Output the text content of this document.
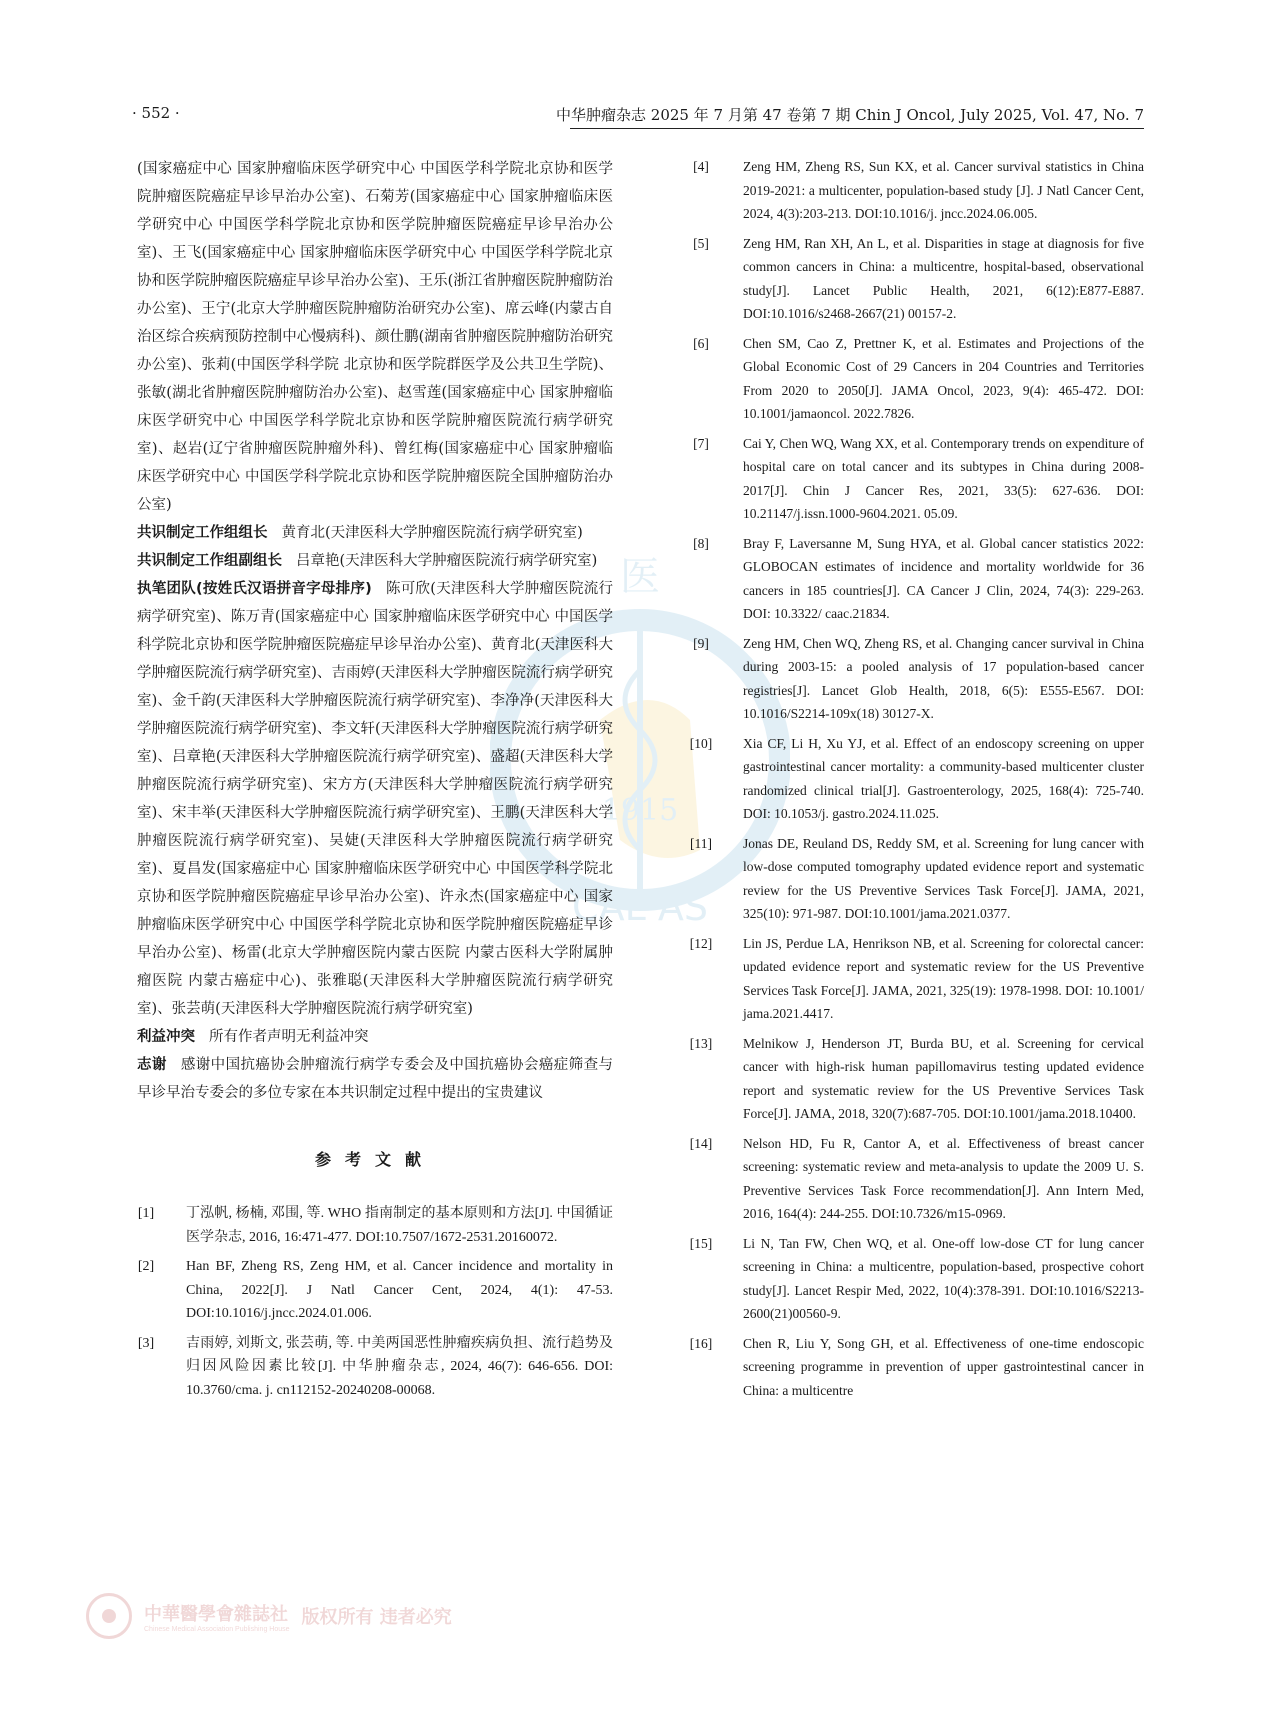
· 552 ·	中华肿瘤杂志 2025 年 7 月第 47 卷第 7 期 Chin J Oncol, July 2025, Vol. 47, No. 7
医
1915
CAL AS

(国家癌症中心 国家肿瘤临床医学研究中心 中国医学科学院北京协和医学院肿瘤医院癌症早诊早治办公室)、石菊芳(国家癌症中心 国家肿瘤临床医学研究中心 中国医学科学院北京协和医学院肿瘤医院癌症早诊早治办公室)、王飞(国家癌症中心 国家肿瘤临床医学研究中心 中国医学科学院北京协和医学院肿瘤医院癌症早诊早治办公室)、王乐(浙江省肿瘤医院肿瘤防治办公室)、王宁(北京大学肿瘤医院肿瘤防治研究办公室)、席云峰(内蒙古自治区综合疾病预防控制中心慢病科)、颜仕鹏(湖南省肿瘤医院肿瘤防治研究办公室)、张莉(中国医学科学院 北京协和医学院群医学及公共卫生学院)、张敏(湖北省肿瘤医院肿瘤防治办公室)、赵雪莲(国家癌症中心 国家肿瘤临床医学研究中心 中国医学科学院北京协和医学院肿瘤医院流行病学研究室)、赵岩(辽宁省肿瘤医院肿瘤外科)、曾红梅(国家癌症中心 国家肿瘤临床医学研究中心 中国医学科学院北京协和医学院肿瘤医院全国肿瘤防治办公室)

共识制定工作组组长 黄育北(天津医科大学肿瘤医院流行病学研究室)

共识制定工作组副组长 吕章艳(天津医科大学肿瘤医院流行病学研究室)

执笔团队(按姓氏汉语拼音字母排序) 陈可欣(天津医科大学肿瘤医院流行病学研究室)、陈万青(国家癌症中心 国家肿瘤临床医学研究中心 中国医学科学院北京协和医学院肿瘤医院癌症早诊早治办公室)、黄育北(天津医科大学肿瘤医院流行病学研究室)、吉雨婷(天津医科大学肿瘤医院流行病学研究室)、金千韵(天津医科大学肿瘤医院流行病学研究室)、李净净(天津医科大学肿瘤医院流行病学研究室)、李文轩(天津医科大学肿瘤医院流行病学研究室)、吕章艳(天津医科大学肿瘤医院流行病学研究室)、盛超(天津医科大学肿瘤医院流行病学研究室)、宋方方(天津医科大学肿瘤医院流行病学研究室)、宋丰举(天津医科大学肿瘤医院流行病学研究室)、王鹏(天津医科大学肿瘤医院流行病学研究室)、吴婕(天津医科大学肿瘤医院流行病学研究室)、夏昌发(国家癌症中心 国家肿瘤临床医学研究中心 中国医学科学院北京协和医学院肿瘤医院癌症早诊早治办公室)、许永杰(国家癌症中心 国家肿瘤临床医学研究中心 中国医学科学院北京协和医学院肿瘤医院癌症早诊早治办公室)、杨雷(北京大学肿瘤医院内蒙古医院 内蒙古医科大学附属肿瘤医院 内蒙古癌症中心)、张雅聪(天津医科大学肿瘤医院流行病学研究室)、张芸萌(天津医科大学肿瘤医院流行病学研究室)

利益冲突 所有作者声明无利益冲突

志谢 感谢中国抗癌协会肿瘤流行病学专委会及中国抗癌协会癌症筛查与早诊早治专委会的多位专家在本共识制定过程中提出的宝贵建议

参考文献
[1]	丁泓帆, 杨楠, 邓围, 等. WHO 指南制定的基本原则和方法[J]. 中国循证医学杂志, 2016, 16:471-477. DOI:10.7507/1672-2531.20160072.
[2]	Han BF, Zheng RS, Zeng HM, et al. Cancer incidence and mortality in China, 2022[J]. J Natl Cancer Cent, 2024, 4(1): 47-53. DOI:10.1016/j.jncc.2024.01.006.
[3]	吉雨婷, 刘斯文, 张芸萌, 等. 中美两国恶性肿瘤疾病负担、流行趋势及归因风险因素比较[J]. 中华肿瘤杂志, 2024, 46(7): 646-656. DOI: 10.3760/cma. j. cn112152-20240208-00068.
[4]	Zeng HM, Zheng RS, Sun KX, et al. Cancer survival statistics in China 2019-2021: a multicenter, population-based study [J]. J Natl Cancer Cent, 2024, 4(3):203-213. DOI:10.1016/j. jncc.2024.06.005.
[5]	Zeng HM, Ran XH, An L, et al. Disparities in stage at diagnosis for five common cancers in China: a multicentre, hospital-based, observational study[J]. Lancet Public Health, 2021, 6(12):E877-E887. DOI:10.1016/s2468-2667(21) 00157-2.
[6]	Chen SM, Cao Z, Prettner K, et al. Estimates and Projections of the Global Economic Cost of 29 Cancers in 204 Countries and Territories From 2020 to 2050[J]. JAMA Oncol, 2023, 9(4): 465-472. DOI: 10.1001/jamaoncol. 2022.7826.
[7]	Cai Y, Chen WQ, Wang XX, et al. Contemporary trends on expenditure of hospital care on total cancer and its subtypes in China during 2008-2017[J]. Chin J Cancer Res, 2021, 33(5): 627-636. DOI: 10.21147/j.issn.1000-9604.2021. 05.09.
[8]	Bray F, Laversanne M, Sung HYA, et al. Global cancer statistics 2022: GLOBOCAN estimates of incidence and mortality worldwide for 36 cancers in 185 countries[J]. CA Cancer J Clin, 2024, 74(3): 229-263. DOI: 10.3322/ caac.21834.
[9]	Zeng HM, Chen WQ, Zheng RS, et al. Changing cancer survival in China during 2003-15: a pooled analysis of 17 population-based cancer registries[J]. Lancet Glob Health, 2018, 6(5): E555-E567. DOI: 10.1016/S2214-109x(18) 30127-X.
[10]	Xia CF, Li H, Xu YJ, et al. Effect of an endoscopy screening on upper gastrointestinal cancer mortality: a community-based multicenter cluster randomized clinical trial[J]. Gastroenterology, 2025, 168(4): 725-740. DOI: 10.1053/j. gastro.2024.11.025.
[11]	Jonas DE, Reuland DS, Reddy SM, et al. Screening for lung cancer with low-dose computed tomography updated evidence report and systematic review for the US Preventive Services Task Force[J]. JAMA, 2021, 325(10): 971-987. DOI:10.1001/jama.2021.0377.
[12]	Lin JS, Perdue LA, Henrikson NB, et al. Screening for colorectal cancer: updated evidence report and systematic review for the US Preventive Services Task Force[J]. JAMA, 2021, 325(19): 1978-1998. DOI: 10.1001/ jama.2021.4417.
[13]	Melnikow J, Henderson JT, Burda BU, et al. Screening for cervical cancer with high-risk human papillomavirus testing updated evidence report and systematic review for the US Preventive Services Task Force[J]. JAMA, 2018, 320(7):687-705. DOI:10.1001/jama.2018.10400.
[14]	Nelson HD, Fu R, Cantor A, et al. Effectiveness of breast cancer screening: systematic review and meta-analysis to update the 2009 U. S. Preventive Services Task Force recommendation[J]. Ann Intern Med, 2016, 164(4): 244-255. DOI:10.7326/m15-0969.
[15]	Li N, Tan FW, Chen WQ, et al. One-off low-dose CT for lung cancer screening in China: a multicentre, population-based, prospective cohort study[J]. Lancet Respir Med, 2022, 10(4):378-391. DOI:10.1016/S2213-2600(21)00560-9.
[16]	Chen R, Liu Y, Song GH, et al. Effectiveness of one-time endoscopic screening programme in prevention of upper gastrointestinal cancer in China: a multicentre
中華醫學會雜誌社
Chinese Medical Association Publishing House
版权所有 违者必究
